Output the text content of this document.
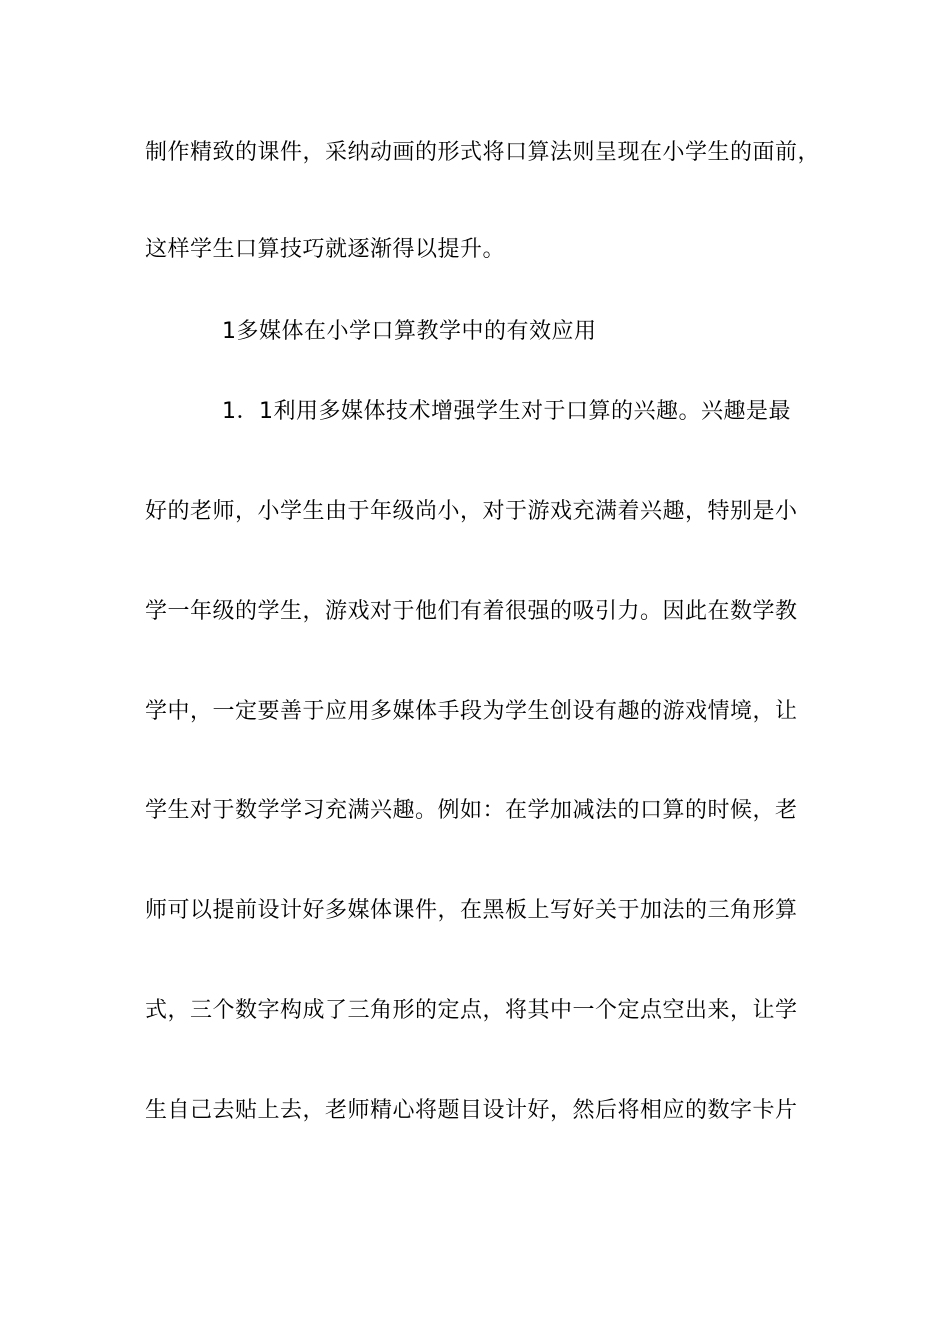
制作精致的课件，采纳动画的形式将口算法则呈现在小学生的面前，
这样学生口算技巧就逐渐得以提升。
1多媒体在小学口算教学中的有效应用
1．1利用多媒体技术增强学生对于口算的兴趣。兴趣是最
好的老师，小学生由于年级尚小，对于游戏充满着兴趣，特别是小
学一年级的学生，游戏对于他们有着很强的吸引力。因此在数学教
学中，一定要善于应用多媒体手段为学生创设有趣的游戏情境，让
学生对于数学学习充满兴趣。例如：在学加减法的口算的时候，老
师可以提前设计好多媒体课件，在黑板上写好关于加法的三角形算
式，三个数字构成了三角形的定点，将其中一个定点空出来，让学
生自己去贴上去，老师精心将题目设计好，然后将相应的数字卡片
